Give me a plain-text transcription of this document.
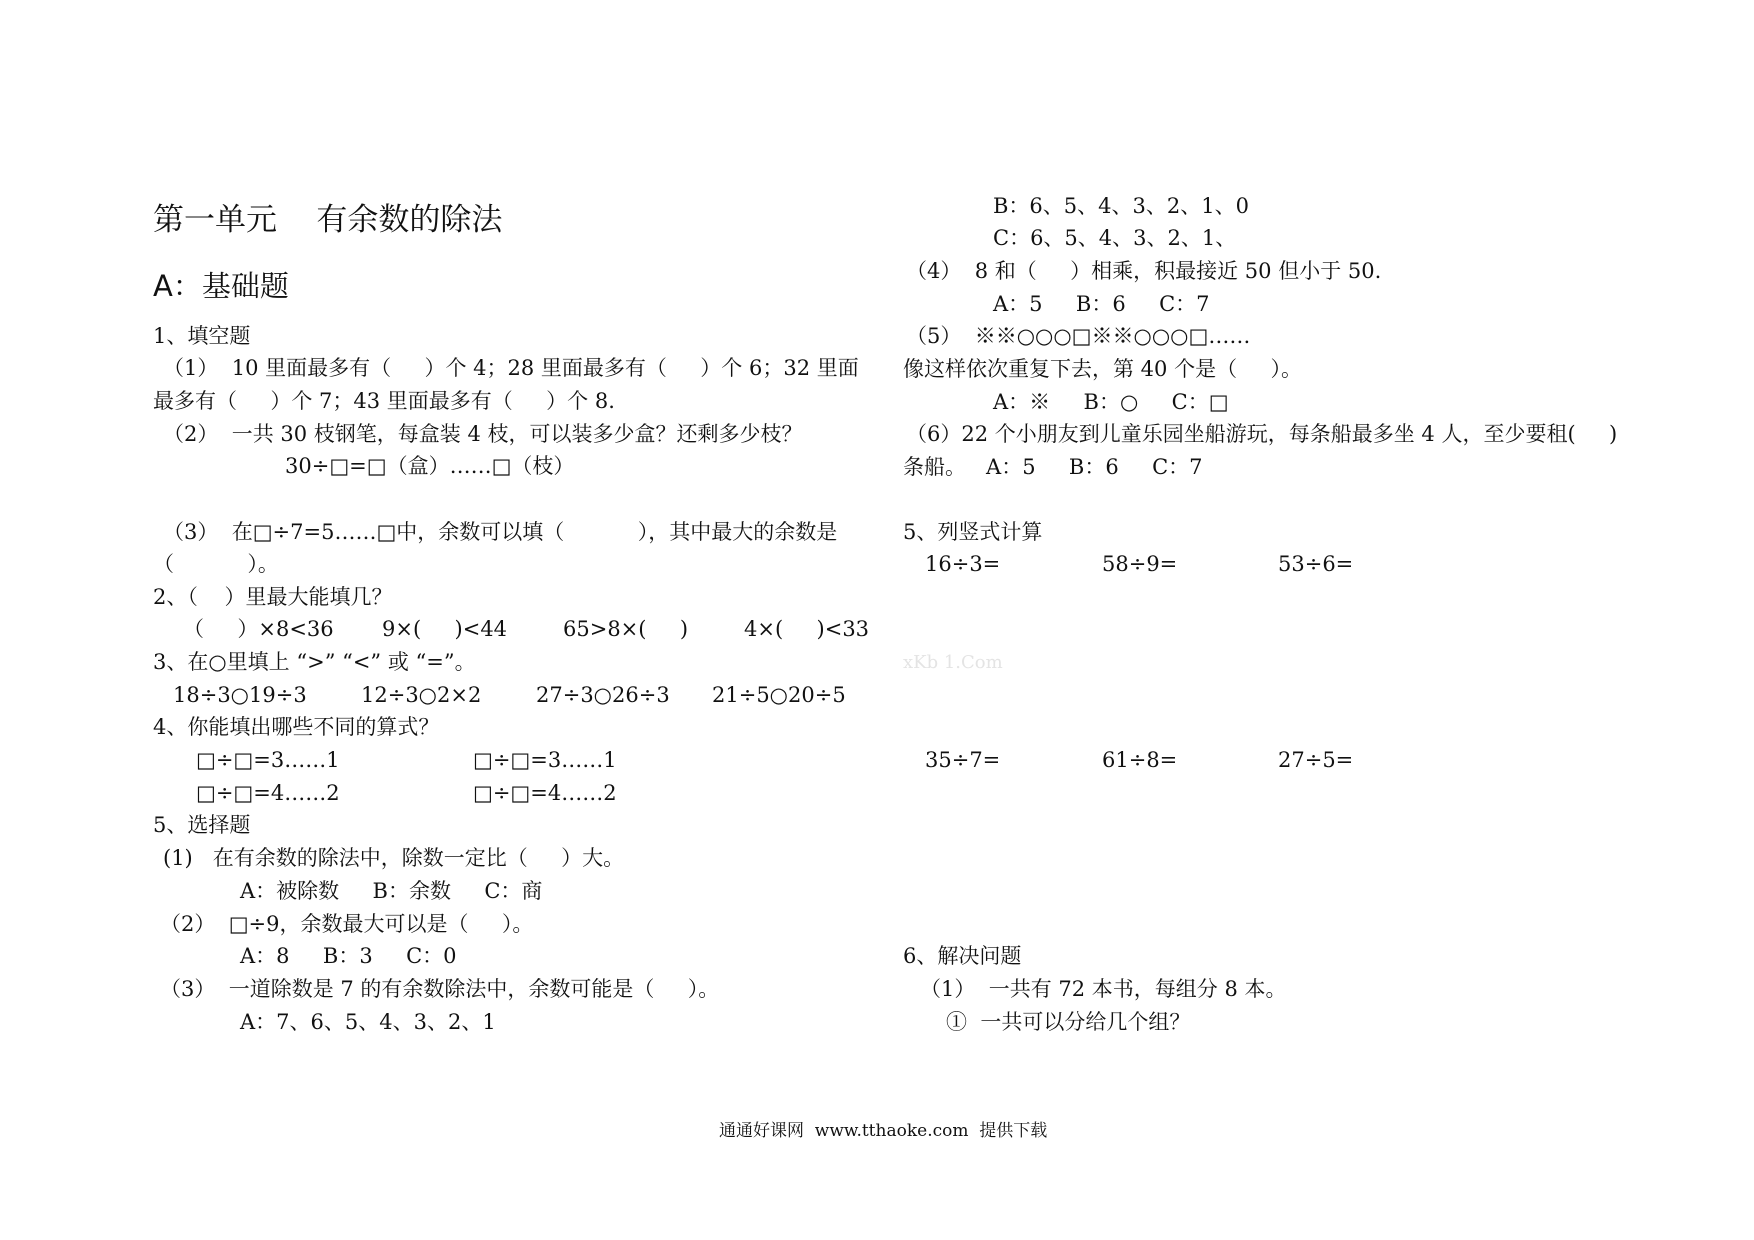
第一单元    有余数的除法
A：基础题
1、填空题
（1）  10 里面最多有（     ）个 4；28 里面最多有（     ）个 6；32 里面
最多有（     ）个 7；43 里面最多有（     ）个 8.
（2）  一共 30 枝钢笔，每盒装 4 枝，可以装多少盒？还剩多少枝？
30÷□=□（盒）……□（枝）
（3）  在□÷7=5……□中，余数可以填（           ），其中最大的余数是
（           ）。
2、（    ）里最大能填几？
（     ）×8<36 9×(     )<44	65>8×(     )	4×(     )<33
3、在○里填上 “>” “<” 或 “=”。
18÷3○19÷3	12÷3○2×2	27÷3○26÷3 21÷5○20÷5
4、你能填出哪些不同的算式？
□÷□=3……1	□÷□=3……1
□÷□=4……2	□÷□=4……2
5、选择题
(1)   在有余数的除法中，除数一定比（     ）大。
A：被除数     B：余数     C：商
（2）  □÷9，余数最大可以是（     ）。
A：8     B：3     C：0
（3）  一道除数是 7 的有余数除法中，余数可能是（     ）。
A：7、6、5、4、3、2、1
B：6、5、4、3、2、1、0
C：6、5、4、3、2、1、
（4）  8 和（     ）相乘，积最接近 50 但小于 50.
A：5     B：6     C：7
（5）  ※※○○○□※※○○○□……
像这样依次重复下去，第 40 个是（     ）。
A：※     B：○     C：□
（6）22 个小朋友到儿童乐园坐船游玩，每条船最多坐 4 人，至少要租(     )
条船。   A：5     B：6     C：7
5、列竖式计算
16÷3=	58÷9=	53÷6=
xKb 1.Com
35÷7=	61÷8=	27÷5=
6、解决问题
（1）  一共有 72 本书，每组分 8 本。
①  一共可以分给几个组？
通通好课网  www.tthaoke.com  提供下载
